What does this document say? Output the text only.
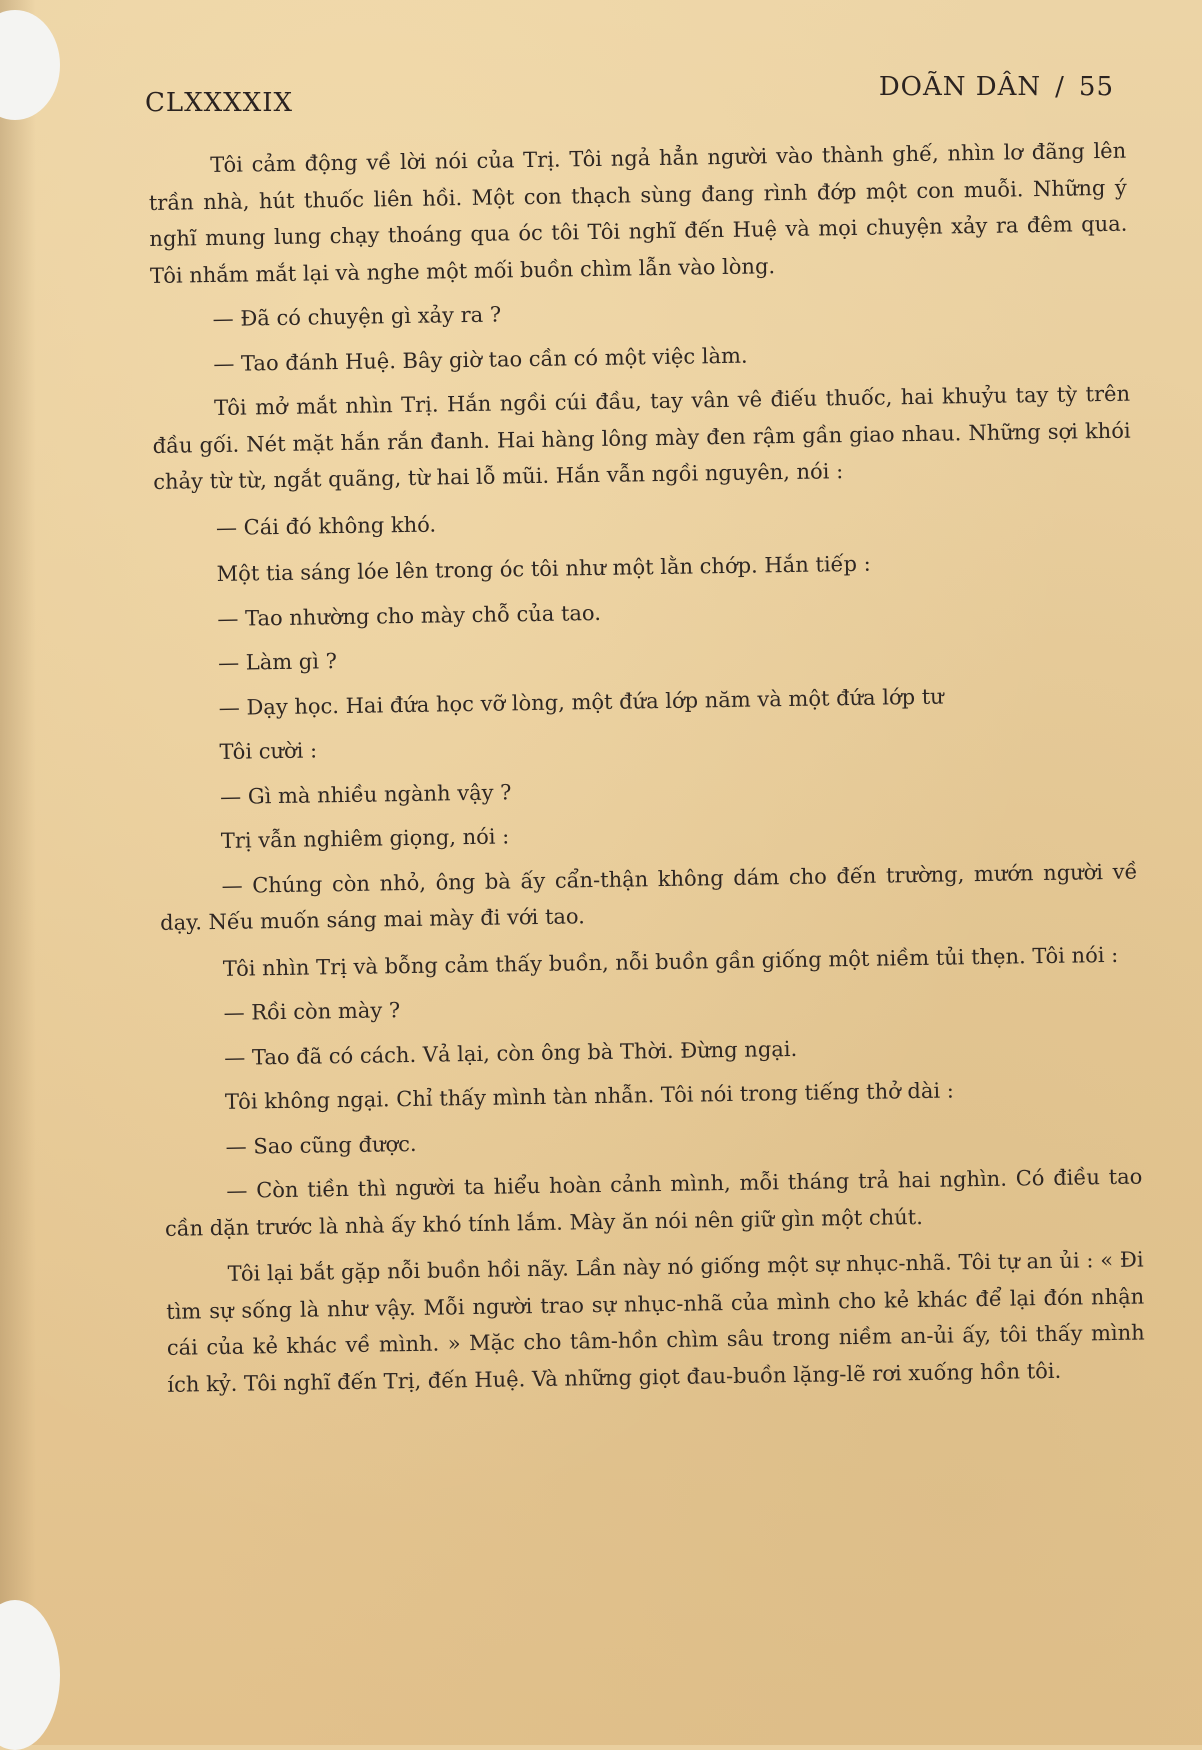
CLXXXXIX
DOÃN DÂN / 55

Tôi cảm động về lời nói của Trị. Tôi ngả hẳn người vào thành ghế, nhìn lơ đãng lên trần nhà, hút thuốc liên hồi. Một con thạch sùng đang rình đớp một con muỗi. Những ý nghĩ mung lung chạy thoáng qua óc tôi Tôi nghĩ đến Huệ và mọi chuyện xảy ra đêm qua. Tôi nhắm mắt lại và nghe một mối buồn chìm lẫn vào lòng.

— Đã có chuyện gì xảy ra ?

— Tao đánh Huệ. Bây giờ tao cần có một việc làm.

Tôi mở mắt nhìn Trị. Hắn ngồi cúi đầu, tay vân vê điếu thuốc, hai khuỷu tay tỳ trên đầu gối. Nét mặt hắn rắn đanh. Hai hàng lông mày đen rậm gần giao nhau. Những sợi khói chảy từ từ, ngắt quãng, từ hai lỗ mũi. Hắn vẫn ngồi nguyên, nói :

— Cái đó không khó.

Một tia sáng lóe lên trong óc tôi như một lằn chớp. Hắn tiếp :

— Tao nhường cho mày chỗ của tao.

— Làm gì ?

— Dạy học. Hai đứa học vỡ lòng, một đứa lớp năm và một đứa lớp tư

Tôi cười :

— Gì mà nhiều ngành vậy ?

Trị vẫn nghiêm giọng, nói :

— Chúng còn nhỏ, ông bà ấy cẩn-thận không dám cho đến trường, mướn người về dạy. Nếu muốn sáng mai mày đi với tao.

Tôi nhìn Trị và bỗng cảm thấy buồn, nỗi buồn gần giống một niềm tủi thẹn. Tôi nói :

— Rồi còn mày ?

— Tao đã có cách. Vả lại, còn ông bà Thời. Đừng ngại.

Tôi không ngại. Chỉ thấy mình tàn nhẫn. Tôi nói trong tiếng thở dài :

— Sao cũng được.

— Còn tiền thì người ta hiểu hoàn cảnh mình, mỗi tháng trả hai nghìn. Có điều tao cần dặn trước là nhà ấy khó tính lắm. Mày ăn nói nên giữ gìn một chút.

Tôi lại bắt gặp nỗi buồn hồi nãy. Lần này nó giống một sự nhục-nhã. Tôi tự an ủi : « Đi tìm sự sống là như vậy. Mỗi người trao sự nhục-nhã của mình cho kẻ khác để lại đón nhận cái của kẻ khác về mình. » Mặc cho tâm-hồn chìm sâu trong niềm an-ủi ấy, tôi thấy mình ích kỷ. Tôi nghĩ đến Trị, đến Huệ. Và những giọt đau-buồn lặng-lẽ rơi xuống hồn tôi.
